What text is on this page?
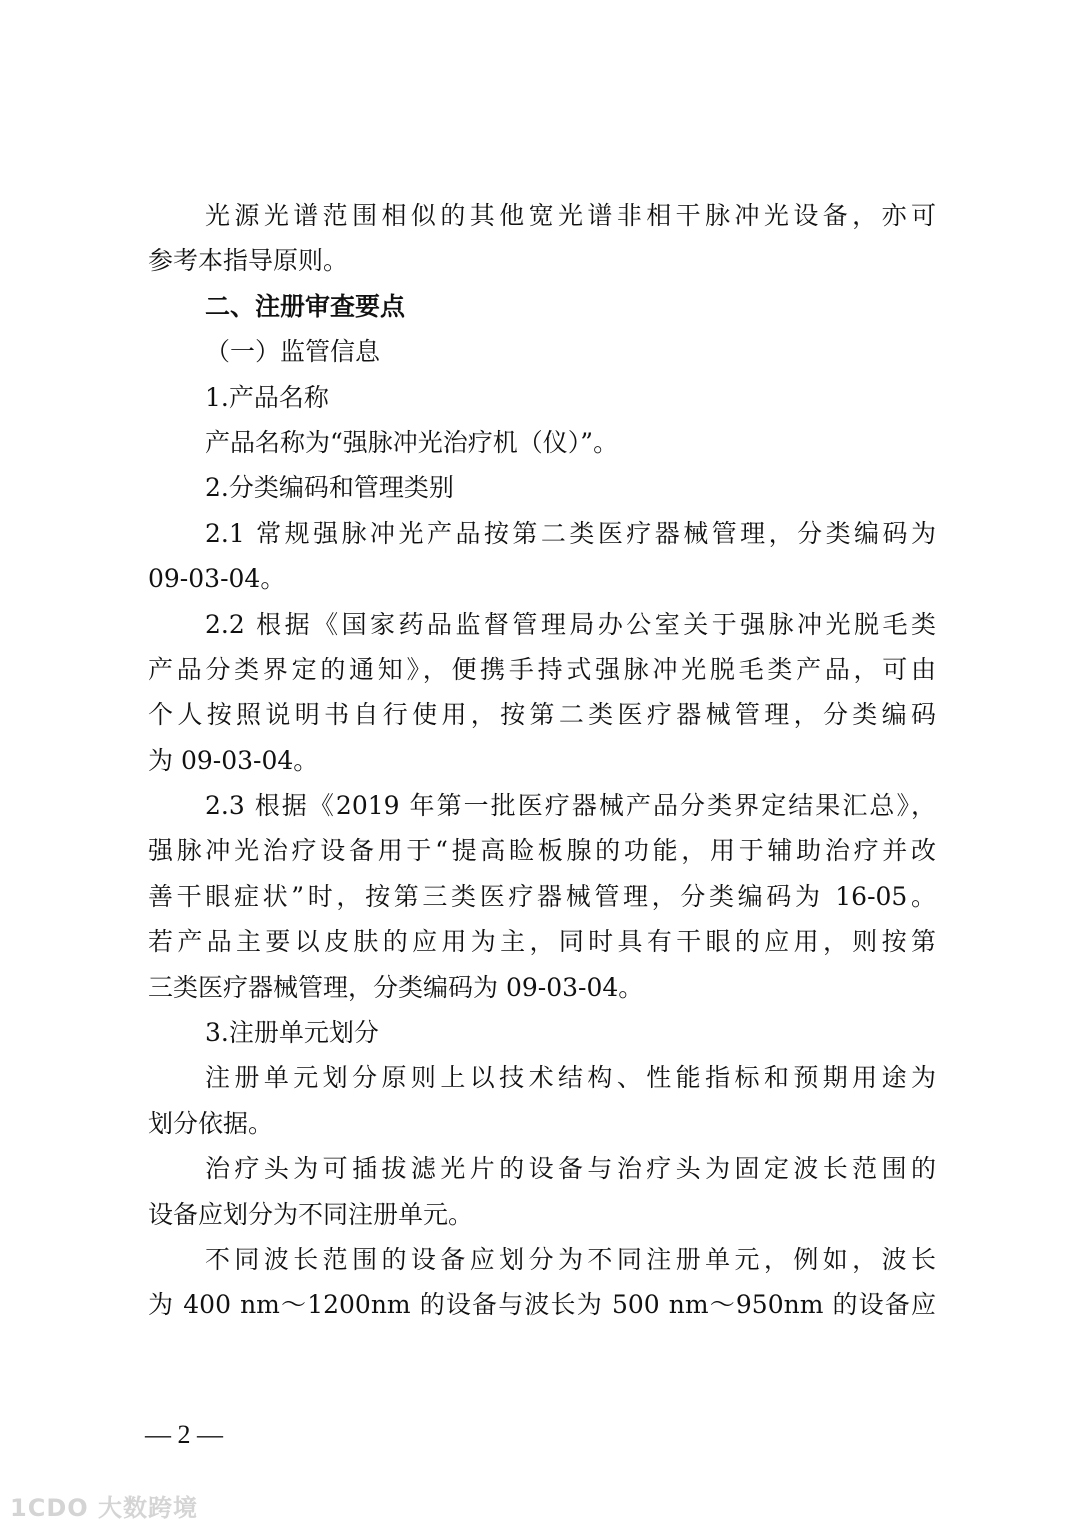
光源光谱范围相似的其他宽光谱非相干脉冲光设备，亦可
参考本指导原则。
二、注册审查要点
（一）监管信息
1.产品名称
产品名称为“强脉冲光治疗机（仪）”。
2.分类编码和管理类别
2.1 常规强脉冲光产品按第二类医疗器械管理，分类编码为
09-03-04。
2.2 根据《国家药品监督管理局办公室关于强脉冲光脱毛类
产品分类界定的通知》，便携手持式强脉冲光脱毛类产品，可由
个人按照说明书自行使用，按第二类医疗器械管理，分类编码
为 09-03-04。
2.3 根据《2019 年第一批医疗器械产品分类界定结果汇总》，
强脉冲光治疗设备用于“提高睑板腺的功能，用于辅助治疗并改
善干眼症状”时，按第三类医疗器械管理，分类编码为 16-05。
若产品主要以皮肤的应用为主，同时具有干眼的应用，则按第
三类医疗器械管理，分类编码为 09-03-04。
3.注册单元划分
注册单元划分原则上以技术结构、性能指标和预期用途为
划分依据。
治疗头为可插拔滤光片的设备与治疗头为固定波长范围的
设备应划分为不同注册单元。
不同波长范围的设备应划分为不同注册单元，例如，波长
为 400 nm～1200nm 的设备与波长为 500 nm～950nm 的设备应
— 2 —
1CDO 大数跨境
